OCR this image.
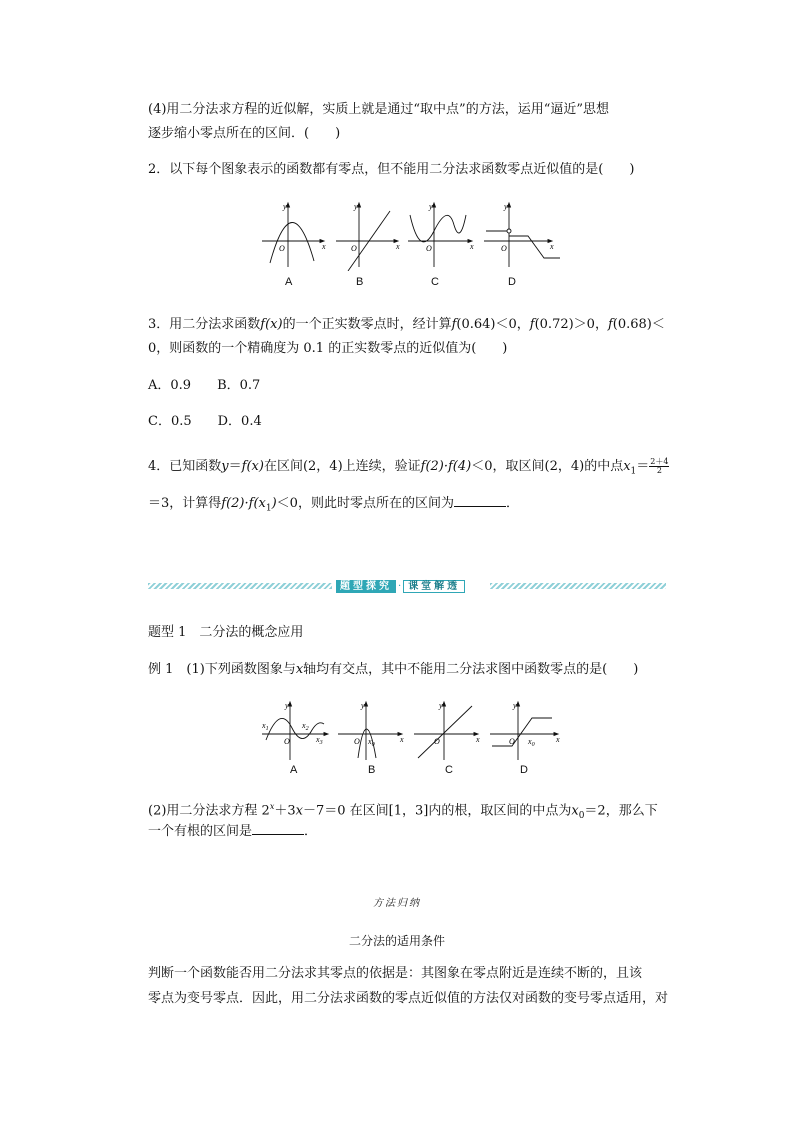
(4)用二分法求方程的近似解，实质上就是通过“取中点”的方法，运用“逼近”思想
逐步缩小零点所在的区间．(　　)
2．以下每个图象表示的函数都有零点，但不能用二分法求函数零点近似值的是(　　)
y
x
O
y
x
O
y
x
O
y
x
O
A	B	C	D
3．用二分法求函数f(x)的一个正实数零点时，经计算f(0.64)＜0，f(0.72)＞0，f(0.68)＜
0，则函数的一个精确度为 0.1 的正实数零点的近似值为(　　)
A．0.9 B．0.7
C．0.5 D．0.4
4．已知函数y＝f(x)在区间(2，4)上连续，验证f(2)·f(4)＜0，取区间(2，4)的中点$x_1= \frac{2+4}{2}$
＝3，计算得$f(2)\cdot f(x_1)<0$，则此时零点所在的区间为	．
题型探究 · 课堂解透
题型 1　二分法的概念应用
例 1　(1)下列函数图象与x轴均有交点，其中不能用二分法求图中函数零点的是(　　)
y
O
$x_1$	$x_2$
$x_3$
y
x
O $x_0$
y
x
O
y
x
O $x_0$
A	B	C	D
(2)用二分法求方程 $2^x+3x-7=0$ 在区间[1，3]内的根，取区间的中点为$x_0=2$，那么下
一个有根的区间是	．
方法归纳
二分法的适用条件
判断一个函数能否用二分法求其零点的依据是：其图象在零点附近是连续不断的，且该
零点为变号零点．因此，用二分法求函数的零点近似值的方法仅对函数的变号零点适用，对
